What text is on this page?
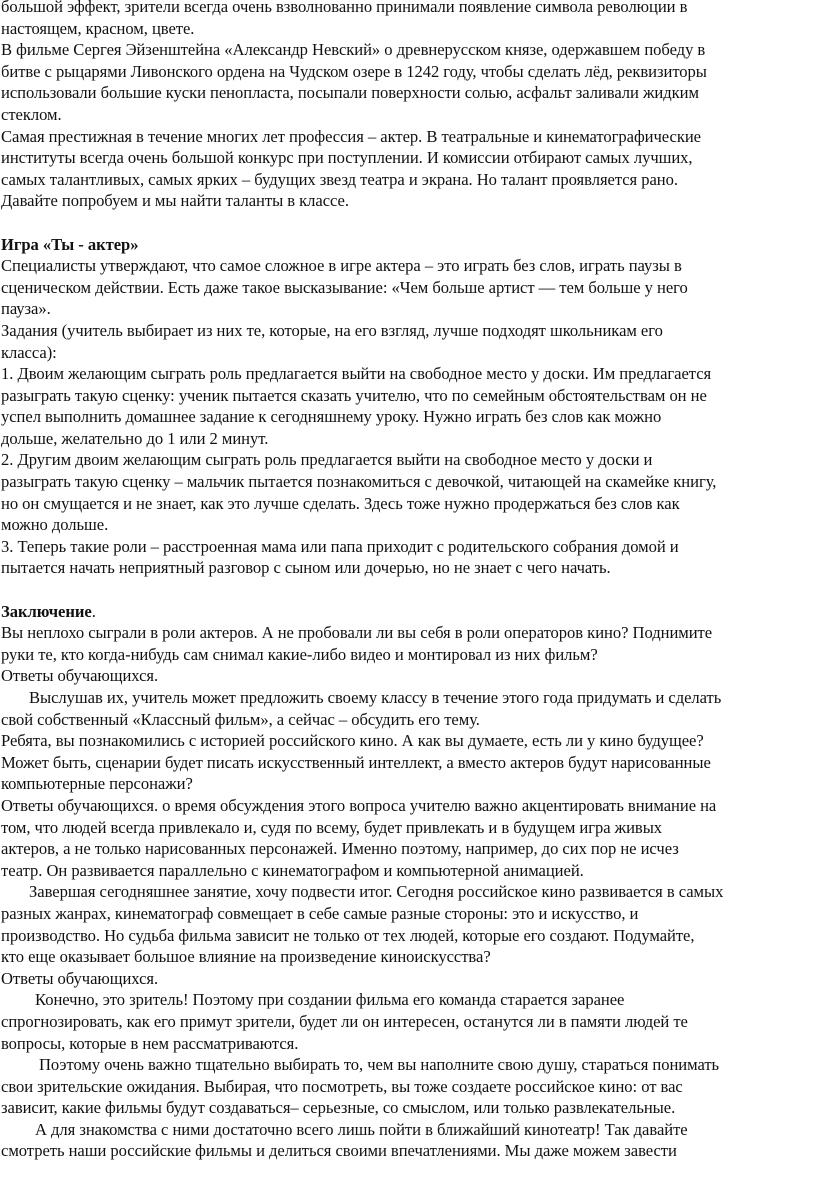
большой эффект, зрители всегда очень взволнованно принимали появление символа революции в
настоящем, красном, цвете.
В фильме Сергея Эйзенштейна «Александр Невский» о древнерусском князе, одержавшем победу в
битве с рыцарями Ливонского ордена на Чудском озере в 1242 году, чтобы сделать лёд, реквизиторы
использовали большие куски пенопласта, посыпали поверхности солью, асфальт заливали жидким
стеклом.
Самая престижная в течение многих лет профессия – актер. В театральные и кинематографические
институты всегда очень большой конкурс при поступлении. И комиссии отбирают самых лучших,
самых талантливых, самых ярких – будущих звезд театра и экрана. Но талант проявляется рано.
Давайте попробуем и мы найти таланты в классе.
Игра «Ты - актер»
Специалисты утверждают, что самое сложное в игре актера – это играть без слов, играть паузы в
сценическом действии. Есть даже такое высказывание: «Чем больше артист — тем больше у него
пауза».
Задания (учитель выбирает из них те, которые, на его взгляд, лучше подходят школьникам его
класса):
1. Двоим желающим сыграть роль предлагается выйти на свободное место у доски. Им предлагается
разыграть такую сценку: ученик пытается сказать учителю, что по семейным обстоятельствам он не
успел выполнить домашнее задание к сегодняшнему уроку. Нужно играть без слов как можно
дольше, желательно до 1 или 2 минут.
2. Другим двоим желающим сыграть роль предлагается выйти на свободное место у доски и
разыграть такую сценку – мальчик пытается познакомиться с девочкой, читающей на скамейке книгу,
но он смущается и не знает, как это лучше сделать. Здесь тоже нужно продержаться без слов как
можно дольше.
3. Теперь такие роли – расстроенная мама или папа приходит с родительского собрания домой и
пытается начать неприятный разговор с сыном или дочерью, но не знает с чего начать.
Заключение.
Вы неплохо сыграли в роли актеров. А не пробовали ли вы себя в роли операторов кино? Поднимите
руки те, кто когда-нибудь сам снимал какие-либо видео и монтировал из них фильм?
Ответы обучающихся.
Выслушав их, учитель может предложить своему классу в течение этого года придумать и сделать
свой собственный «Классный фильм», а сейчас – обсудить его тему.
Ребята, вы познакомились с историей российского кино. А как вы думаете, есть ли у кино будущее?
Может быть, сценарии будет писать искусственный интеллект, а вместо актеров будут нарисованные
компьютерные персонажи?
Ответы обучающихся. о время обсуждения этого вопроса учителю важно акцентировать внимание на
том, что людей всегда привлекало и, судя по всему, будет привлекать и в будущем игра живых
актеров, а не только нарисованных персонажей. Именно поэтому, например, до сих пор не исчез
театр. Он развивается параллельно с кинематографом и компьютерной анимацией.
Завершая сегодняшнее занятие, хочу подвести итог. Сегодня российское кино развивается в самых
разных жанрах, кинематограф совмещает в себе самые разные стороны: это и искусство, и
производство. Но судьба фильма зависит не только от тех людей, которые его создают. Подумайте,
кто еще оказывает большое влияние на произведение киноискусства?
Ответы обучающихся.
Конечно, это зритель! Поэтому при создании фильма его команда старается заранее
спрогнозировать, как его примут зрители, будет ли он интересен, останутся ли в памяти людей те
вопросы, которые в нем рассматриваются.
Поэтому очень важно тщательно выбирать то, чем вы наполните свою душу, стараться понимать
свои зрительские ожидания. Выбирая, что посмотреть, вы тоже создаете российское кино: от вас
зависит, какие фильмы будут создаваться– серьезные, со смыслом, или только развлекательные.
А для знакомства с ними достаточно всего лишь пойти в ближайший кинотеатр! Так давайте
смотреть наши российские фильмы и делиться своими впечатлениями. Мы даже можем завести
